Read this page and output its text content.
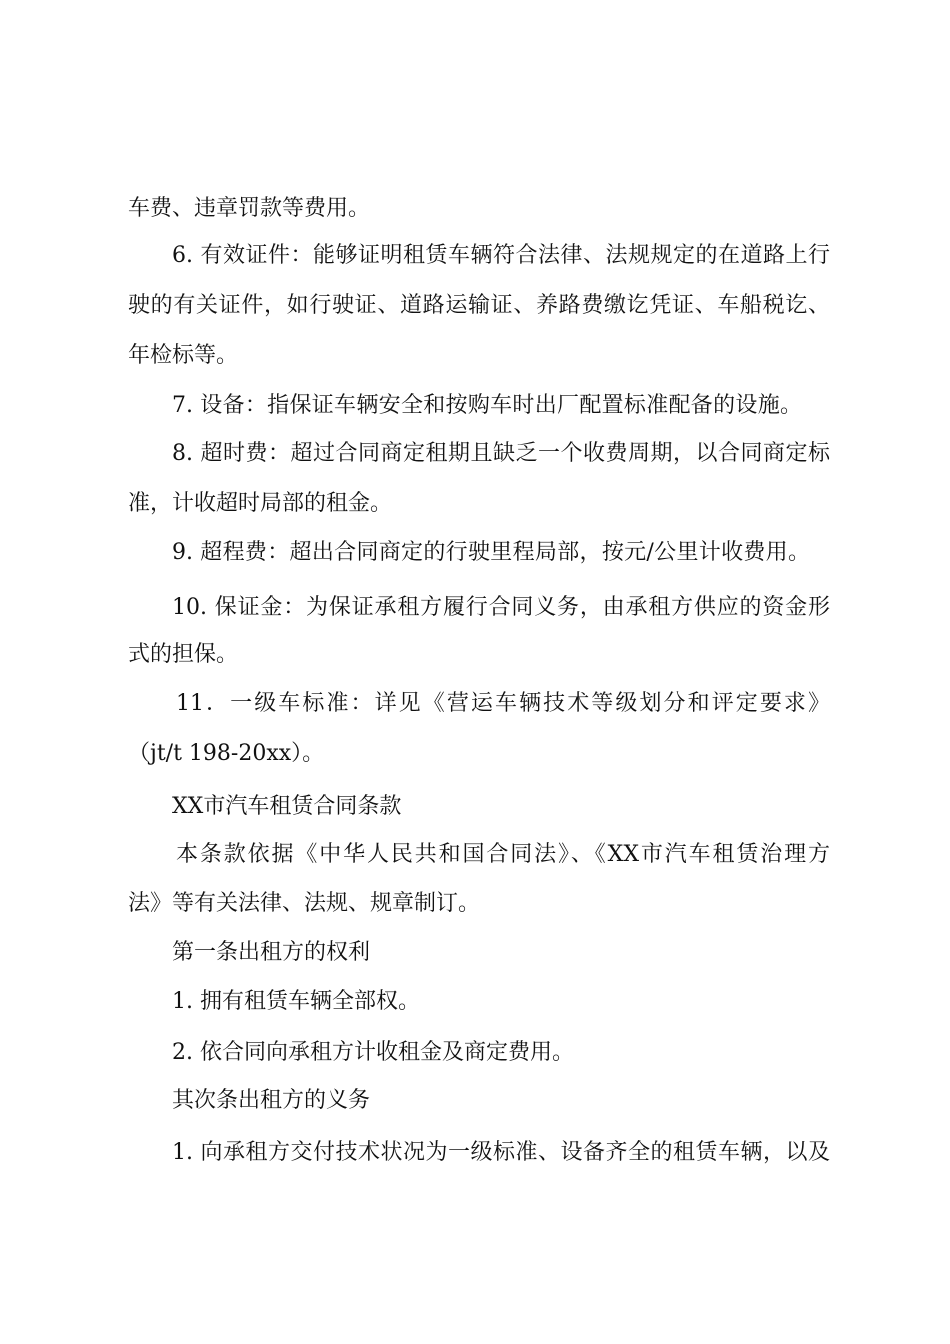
车费、违章罚款等费用。
6. 有效证件：能够证明租赁车辆符合法律、法规规定的在道路上行
驶的有关证件，如行驶证、道路运输证、养路费缴讫凭证、车船税讫、
年检标等。
7. 设备：指保证车辆安全和按购车时出厂配置标准配备的设施。
8. 超时费：超过合同商定租期且缺乏一个收费周期，以合同商定标
准，计收超时局部的租金。
9. 超程费：超出合同商定的行驶里程局部，按元/公里计收费用。
10. 保证金：为保证承租方履行合同义务，由承租方供应的资金形
式的担保。
11．一级车标准：详见《营运车辆技术等级划分和评定要求》
（jt/t 198-20xx）。
XX市汽车租赁合同条款
本条款依据《中华人民共和国合同法》、《XX市汽车租赁治理方
法》等有关法律、法规、规章制订。
第一条出租方的权利
1. 拥有租赁车辆全部权。
2. 依合同向承租方计收租金及商定费用。
其次条出租方的义务
1. 向承租方交付技术状况为一级标准、设备齐全的租赁车辆，以及
